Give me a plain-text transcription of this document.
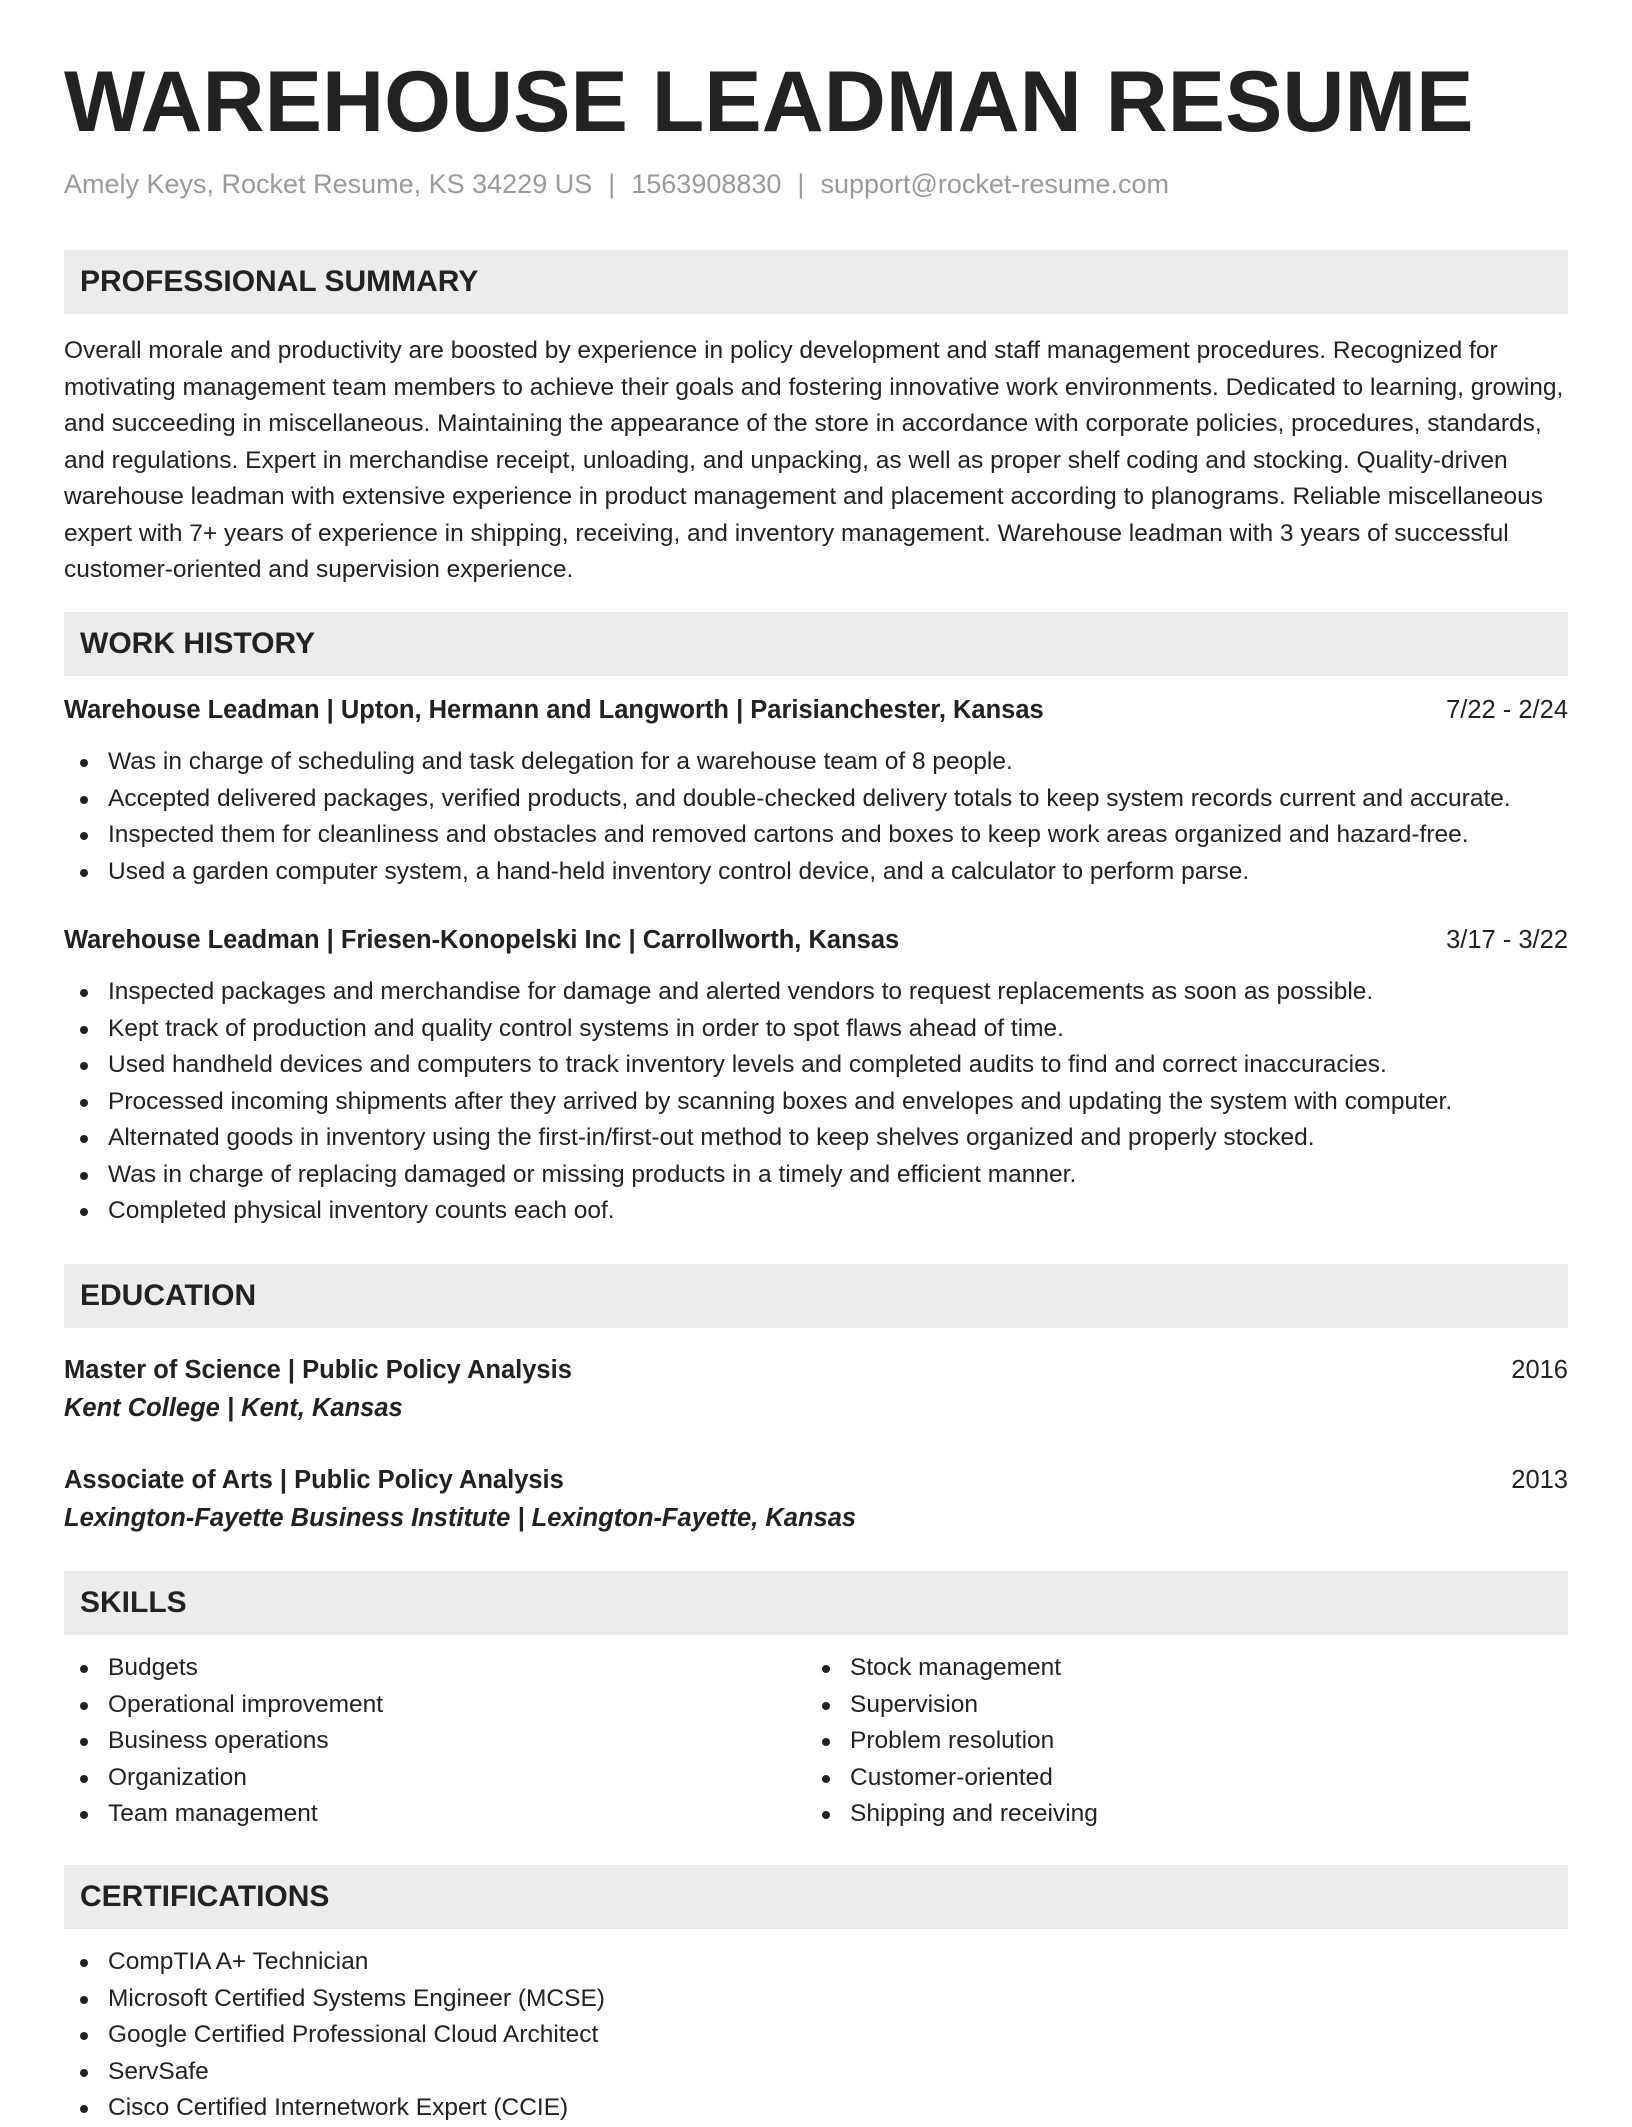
WAREHOUSE LEADMAN RESUME
Amely Keys, Rocket Resume, KS 34229 US | 1563908830 | support@rocket-resume.com
PROFESSIONAL SUMMARY

Overall morale and productivity are boosted by experience in policy development and staff management procedures. Recognized for motivating management team members to achieve their goals and fostering innovative work environments. Dedicated to learning, growing, and succeeding in miscellaneous. Maintaining the appearance of the store in accordance with corporate policies, procedures, standards, and regulations. Expert in merchandise receipt, unloading, and unpacking, as well as proper shelf coding and stocking. Quality-driven warehouse leadman with extensive experience in product management and placement according to planograms. Reliable miscellaneous expert with 7+ years of experience in shipping, receiving, and inventory management. Warehouse leadman with 3 years of successful customer-oriented and supervision experience.

WORK HISTORY
Warehouse Leadman | Upton, Hermann and Langworth | Parisianchester, Kansas	7/22 - 2/24
Was in charge of scheduling and task delegation for a warehouse team of 8 people.
Accepted delivered packages, verified products, and double-checked delivery totals to keep system records current and accurate.
Inspected them for cleanliness and obstacles and removed cartons and boxes to keep work areas organized and hazard-free.
Used a garden computer system, a hand-held inventory control device, and a calculator to perform parse.
Warehouse Leadman | Friesen-Konopelski Inc | Carrollworth, Kansas	3/17 - 3/22
Inspected packages and merchandise for damage and alerted vendors to request replacements as soon as possible.
Kept track of production and quality control systems in order to spot flaws ahead of time.
Used handheld devices and computers to track inventory levels and completed audits to find and correct inaccuracies.
Processed incoming shipments after they arrived by scanning boxes and envelopes and updating the system with computer.
Alternated goods in inventory using the first-in/first-out method to keep shelves organized and properly stocked.
Was in charge of replacing damaged or missing products in a timely and efficient manner.
Completed physical inventory counts each oof.
EDUCATION
Master of Science | Public Policy Analysis	2016
Kent College | Kent, Kansas
Associate of Arts | Public Policy Analysis	2013
Lexington-Fayette Business Institute | Lexington-Fayette, Kansas
SKILLS
Budgets
Operational improvement
Business operations
Organization
Team management
Stock management
Supervision
Problem resolution
Customer-oriented
Shipping and receiving
CERTIFICATIONS
CompTIA A+ Technician
Microsoft Certified Systems Engineer (MCSE)
Google Certified Professional Cloud Architect
ServSafe
Cisco Certified Internetwork Expert (CCIE)
